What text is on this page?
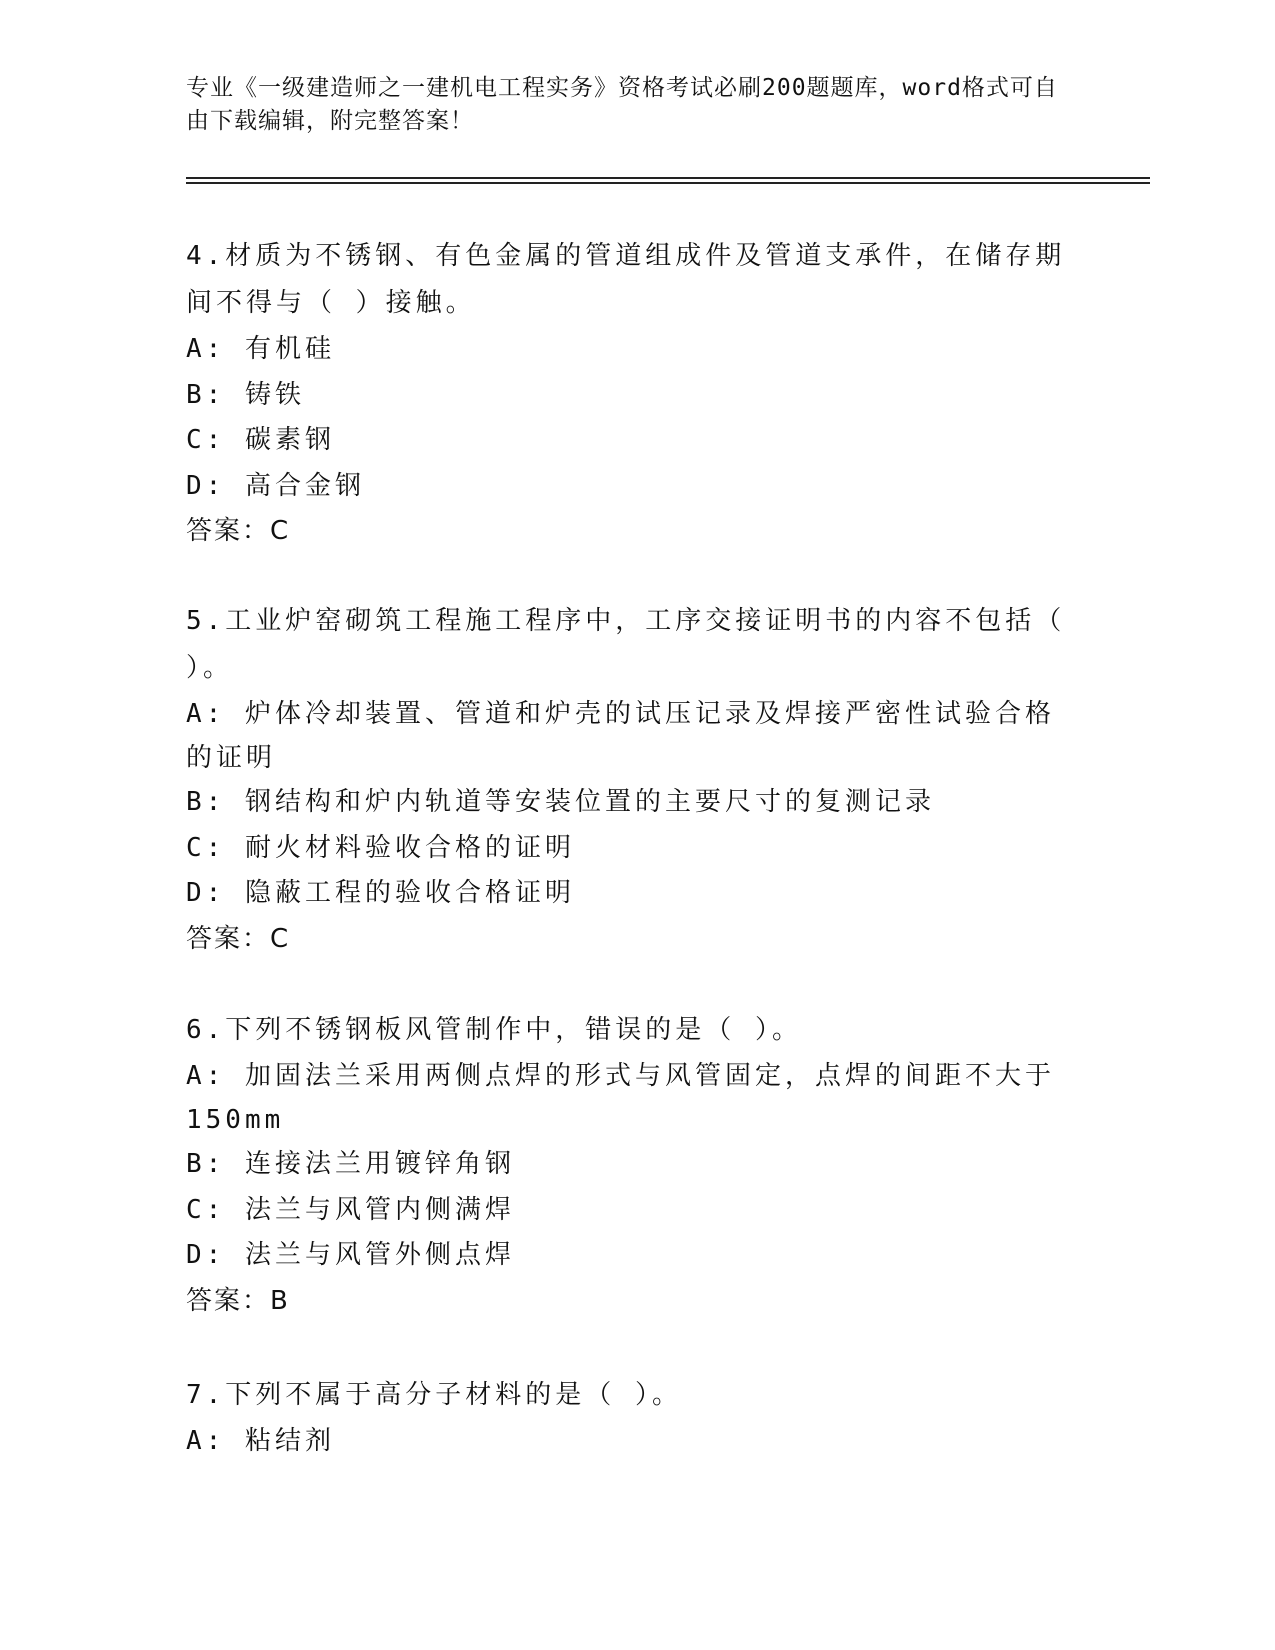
专业《一级建造师之一建机电工程实务》资格考试必刷200题题库，word格式可自由下载编辑，附完整答案！
4.材质为不锈钢、有色金属的管道组成件及管道支承件，在储存期间不得与（ ）接触。
A: 有机硅
B: 铸铁
C: 碳素钢
D: 高合金钢
答案：C
5.工业炉窑砌筑工程施工程序中，工序交接证明书的内容不包括（ ）。
A: 炉体冷却装置、管道和炉壳的试压记录及焊接严密性试验合格的证明
B: 钢结构和炉内轨道等安装位置的主要尺寸的复测记录
C: 耐火材料验收合格的证明
D: 隐蔽工程的验收合格证明
答案：C
6.下列不锈钢板风管制作中，错误的是（ ）。
A: 加固法兰采用两侧点焊的形式与风管固定，点焊的间距不大于150mm
B: 连接法兰用镀锌角钢
C: 法兰与风管内侧满焊
D: 法兰与风管外侧点焊
答案：B
7.下列不属于高分子材料的是（ ）。
A: 粘结剂
